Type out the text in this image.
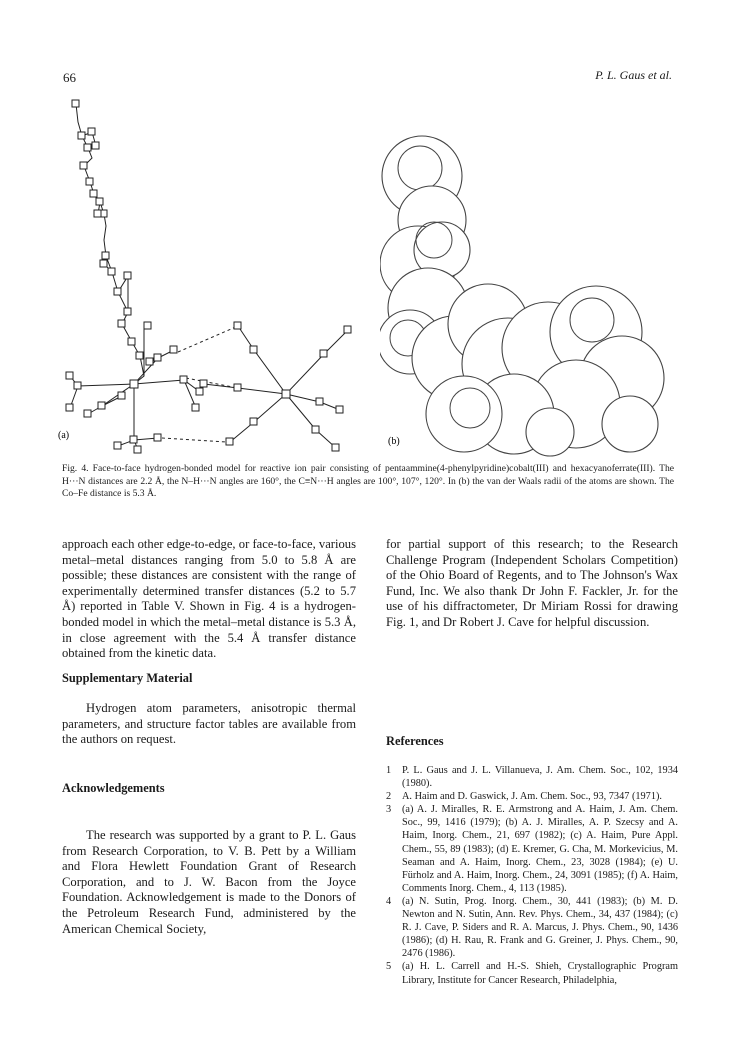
66	P. L. Gaus et al.
(a)
(b)
Fig. 4. Face-to-face hydrogen-bonded model for reactive ion pair consisting of pentaammine(4-phenylpyridine)cobalt(III) and hexacyanoferrate(III). The H···N distances are 2.2 Å, the N–H···N angles are 160°, the C≡N···H angles are 100°, 107°, 120°. In (b) the van der Waals radii of the atoms are shown. The Co–Fe distance is 5.3 Å.

approach each other edge-to-edge, or face-to-face, various metal–metal distances ranging from 5.0 to 5.8 Å are possible; these distances are consistent with the range of experimentally determined transfer distances (5.2 to 5.7 Å) reported in Table V. Shown in Fig. 4 is a hydrogen-bonded model in which the metal–metal distance is 5.3 Å, in close agreement with the 5.4 Å transfer distance obtained from the kinetic data.

Supplementary Material

Hydrogen atom parameters, anisotropic thermal parameters, and structure factor tables are available from the authors on request.

Acknowledgements

The research was supported by a grant to P. L. Gaus from Research Corporation, to V. B. Pett by a William and Flora Hewlett Foundation Grant of Research Corporation, and to J. W. Bacon from the Joyce Foundation. Acknowledgement is made to the Donors of the Petroleum Research Fund, administered by the American Chemical Society,

for partial support of this research; to the Research Challenge Program (Independent Scholars Competition) of the Ohio Board of Regents, and to The Johnson's Wax Fund, Inc. We also thank Dr John F. Fackler, Jr. for the use of his diffractometer, Dr Miriam Rossi for drawing Fig. 1, and Dr Robert J. Cave for helpful discussion.

References
1 P. L. Gaus and J. L. Villanueva, J. Am. Chem. Soc., 102, 1934 (1980).
2 A. Haim and D. Gaswick, J. Am. Chem. Soc., 93, 7347 (1971).
3 (a) A. J. Miralles, R. E. Armstrong and A. Haim, J. Am. Chem. Soc., 99, 1416 (1979); (b) A. J. Miralles, A. P. Szecsy and A. Haim, Inorg. Chem., 21, 697 (1982); (c) A. Haim, Pure Appl. Chem., 55, 89 (1983); (d) E. Kremer, G. Cha, M. Morkevicius, M. Seaman and A. Haim, Inorg. Chem., 23, 3028 (1984); (e) U. Fürholz and A. Haim, Inorg. Chem., 24, 3091 (1985); (f) A. Haim, Comments Inorg. Chem., 4, 113 (1985).
4 (a) N. Sutin, Prog. Inorg. Chem., 30, 441 (1983); (b) M. D. Newton and N. Sutin, Ann. Rev. Phys. Chem., 34, 437 (1984); (c) R. J. Cave, P. Siders and R. A. Marcus, J. Phys. Chem., 90, 1436 (1986); (d) H. Rau, R. Frank and G. Greiner, J. Phys. Chem., 90, 2476 (1986).
5 (a) H. L. Carrell and H.-S. Shieh, Crystallographic Program Library, Institute for Cancer Research, Philadelphia,
